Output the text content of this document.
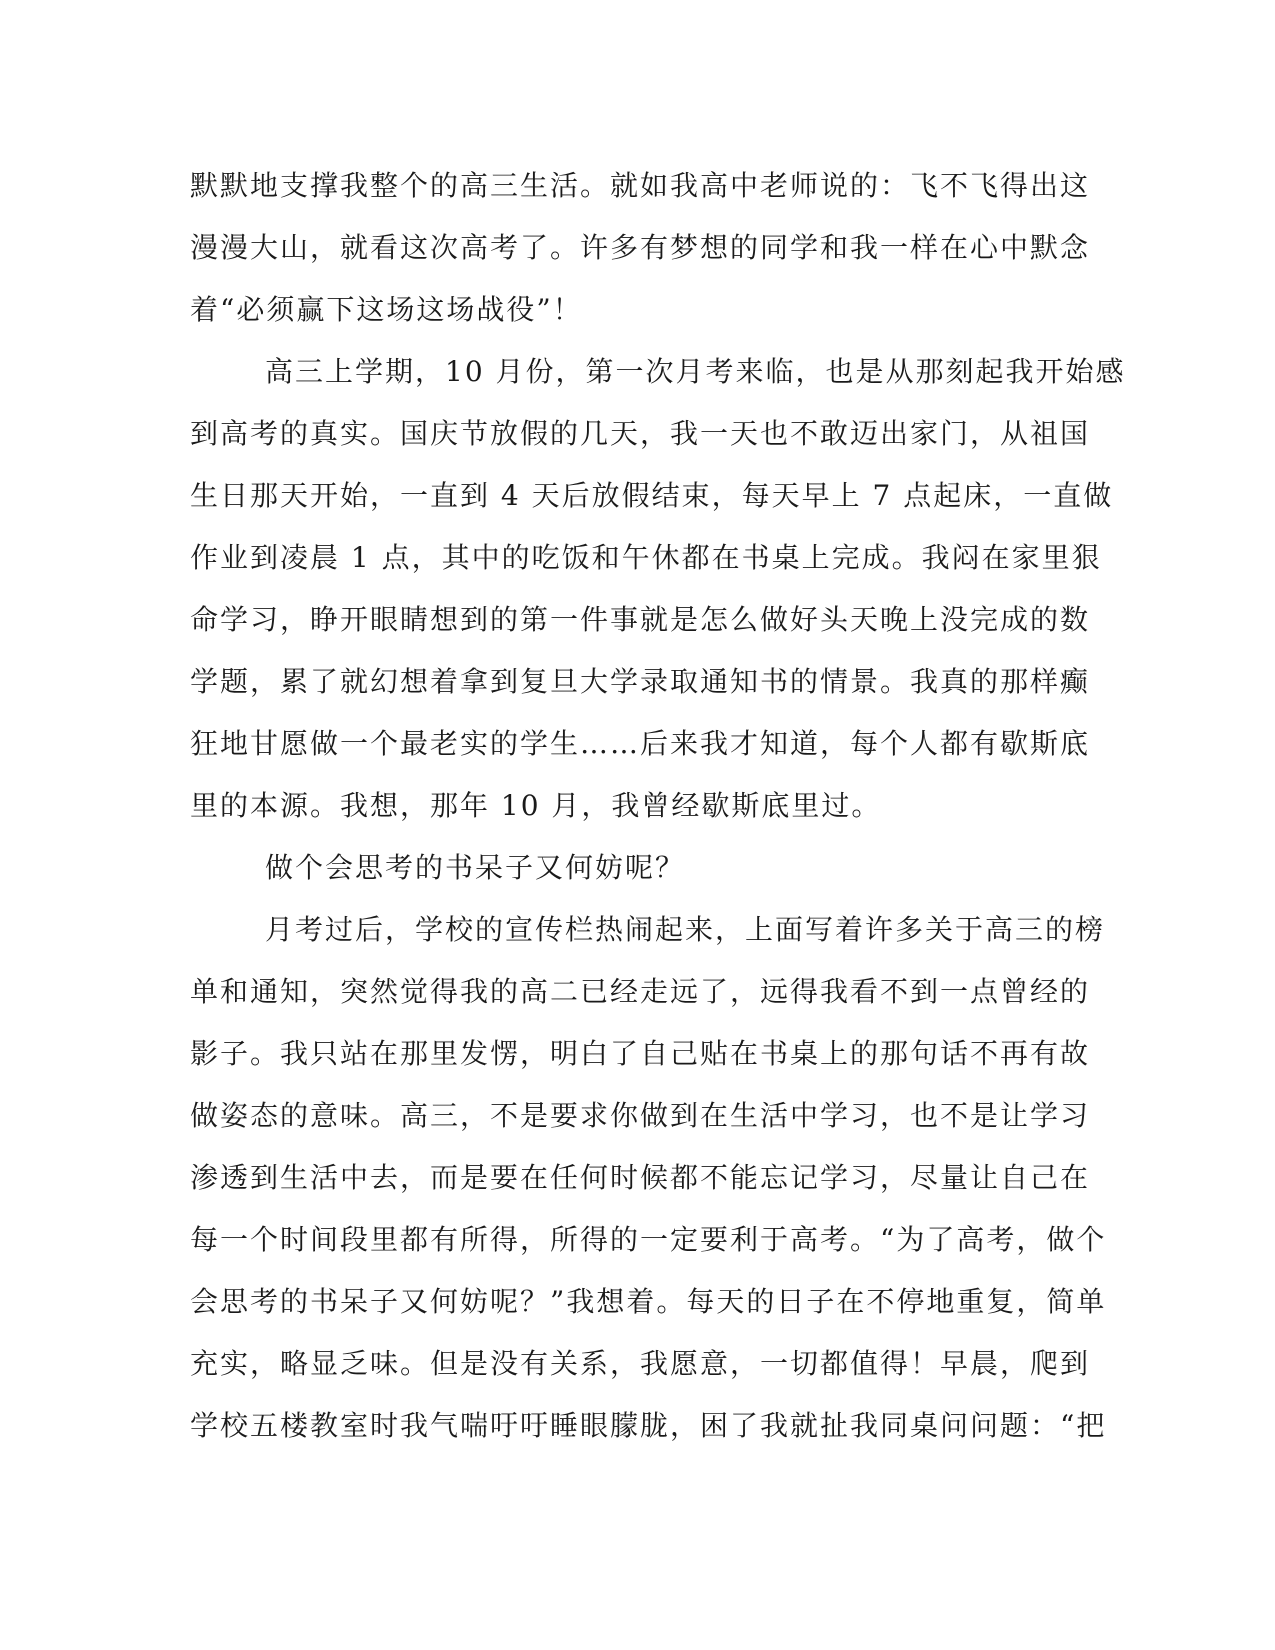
默默地支撑我整个的高三生活。就如我高中老师说的：飞不飞得出这
漫漫大山，就看这次高考了。许多有梦想的同学和我一样在心中默念
着“必须赢下这场这场战役”！
高三上学期，10 月份，第一次月考来临，也是从那刻起我开始感
到高考的真实。国庆节放假的几天，我一天也不敢迈出家门，从祖国
生日那天开始，一直到 4 天后放假结束，每天早上 7 点起床，一直做
作业到凌晨 1 点，其中的吃饭和午休都在书桌上完成。我闷在家里狠
命学习，睁开眼睛想到的第一件事就是怎么做好头天晚上没完成的数
学题，累了就幻想着拿到复旦大学录取通知书的情景。我真的那样癫
狂地甘愿做一个最老实的学生……后来我才知道，每个人都有歇斯底
里的本源。我想，那年 10 月，我曾经歇斯底里过。
做个会思考的书呆子又何妨呢？
月考过后，学校的宣传栏热闹起来，上面写着许多关于高三的榜
单和通知，突然觉得我的高二已经走远了，远得我看不到一点曾经的
影子。我只站在那里发愣，明白了自己贴在书桌上的那句话不再有故
做姿态的意味。高三，不是要求你做到在生活中学习，也不是让学习
渗透到生活中去，而是要在任何时候都不能忘记学习，尽量让自己在
每一个时间段里都有所得，所得的一定要利于高考。“为了高考，做个
会思考的书呆子又何妨呢？”我想着。每天的日子在不停地重复，简单
充实，略显乏味。但是没有关系，我愿意，一切都值得！早晨，爬到
学校五楼教室时我气喘吁吁睡眼朦胧，困了我就扯我同桌问问题：“把
